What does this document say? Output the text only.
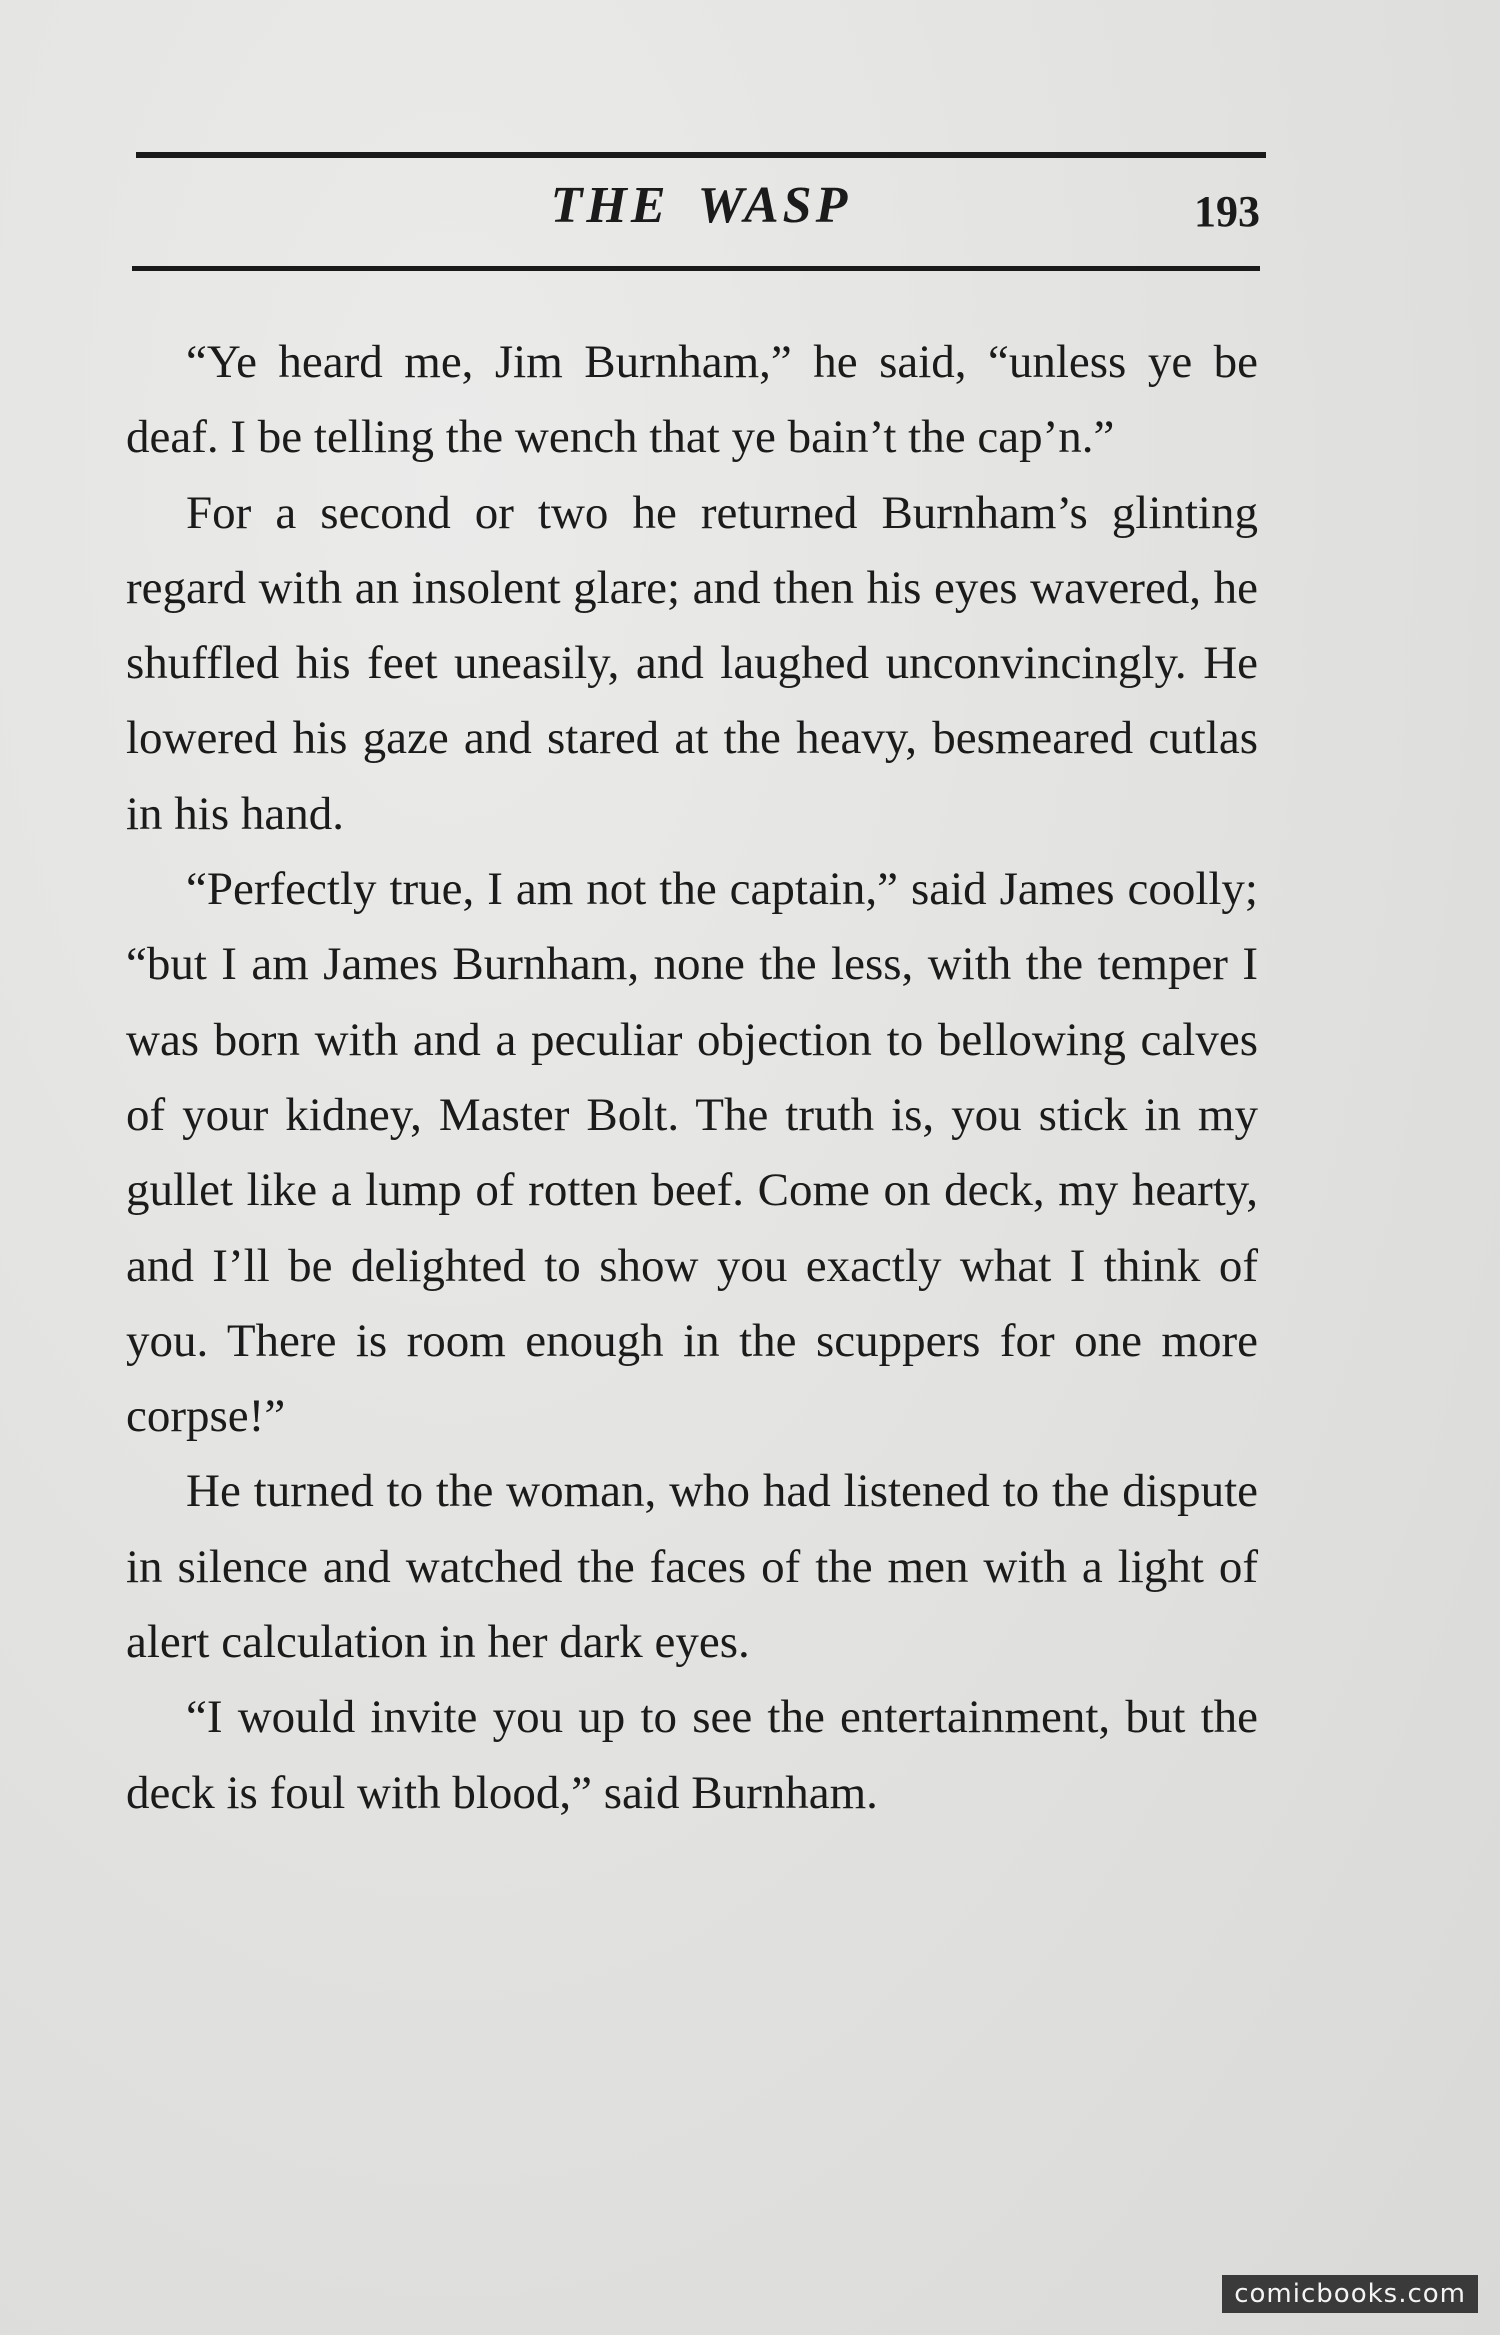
THE WASP	193

“Ye heard me, Jim Burnham,” he said, “unless ye be deaf. I be telling the wench that ye bain’t the cap’n.”

For a second or two he returned Burnham’s glinting regard with an insolent glare; and then his eyes wavered, he shuffled his feet uneasily, and laughed unconvincingly. He lowered his gaze and stared at the heavy, besmeared cutlas in his hand.

“Perfectly true, I am not the captain,” said James coolly; “but I am James Burnham, none the less, with the temper I was born with and a peculiar objection to bellowing calves of your kidney, Master Bolt. The truth is, you stick in my gullet like a lump of rotten beef. Come on deck, my hearty, and I’ll be delighted to show you exactly what I think of you. There is room enough in the scuppers for one more corpse!”

He turned to the woman, who had listened to the dispute in silence and watched the faces of the men with a light of alert calculation in her dark eyes.

“I would invite you up to see the entertainment, but the deck is foul with blood,” said Burnham.

comicbooks.com
